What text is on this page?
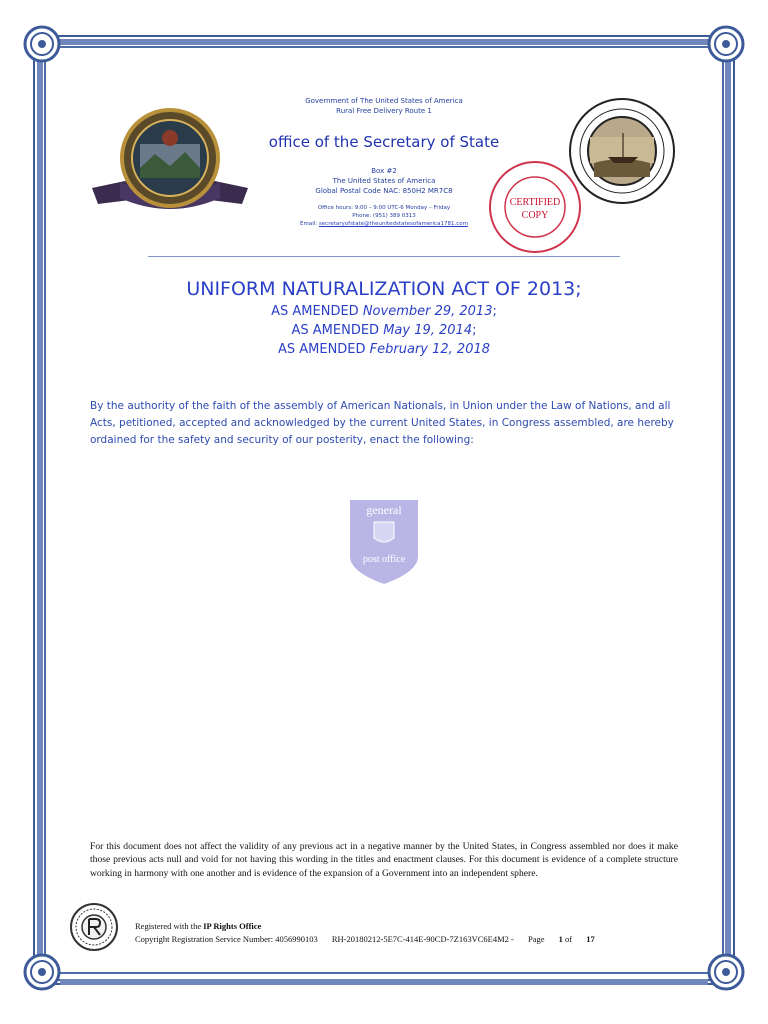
CERTIFIED
COPY
Government of The United States of America
Rural Free Delivery Route 1
office of the Secretary of State
Box #2
The United States of America
Global Postal Code NAC: 850H2 MR7C8
Office hours: 9:00 – 9:00 UTC-6 Monday – Friday
Phone: (951) 389 0313
Email: secretaryofstate@theunitedstatesofamerica1781.com
UNIFORM NATURALIZATION ACT OF 2013;
AS AMENDED November 29, 2013;
AS AMENDED May 19, 2014;
AS AMENDED February 12, 2018
By the authority of the faith of the assembly of American Nationals, in Union under the Law of Nations, and all Acts, petitioned, accepted and acknowledged by the current United States, in Congress assembled, are hereby ordained for the safety and security of our posterity, enact the following:
general
post office
For this document does not affect the validity of any previous act in a negative manner by the United States, in Congress assembled nor does it make those previous acts null and void for not having this wording in the titles and enactment clauses. For this document is evidence of a complete structure working in harmony with one another and is evidence of the expansion of a Government into an independent sphere.
Registered with the IP Rights Office
Copyright Registration Service Number: 4056990103 RH-20180212-5E7C-414E-90CD-7Z163VC6E4M2 - Page 1 of 17
